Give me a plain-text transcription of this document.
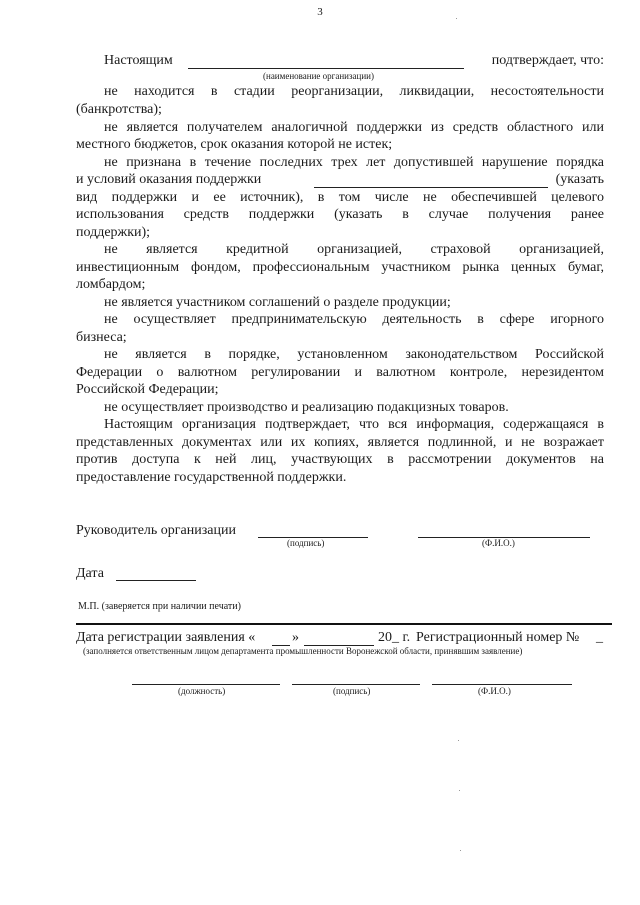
3
Настоящим	подтверждает, что:
(наименование организации)
не находится в стадии реорганизации, ликвидации, несостоятельности
(банкротства);
не является получателем аналогичной поддержки из средств областного или
местного бюджетов, срок оказания которой не истек;
не признана в течение последних трех лет допустившей нарушение порядка
и условий оказания поддержки	(указать
вид поддержки и ее источник), в том числе не обеспечившей целевого
использования средств поддержки (указать в случае получения ранее
поддержки);
не является кредитной организацией, страховой организацией,
инвестиционным фондом, профессиональным участником рынка ценных бумаг,
ломбардом;
не является участником соглашений о разделе продукции;
не осуществляет предпринимательскую деятельность в сфере игорного
бизнеса;
не является в порядке, установленном законодательством Российской
Федерации о валютном регулировании и валютном контроле, нерезидентом
Российской Федерации;
не осуществляет производство и реализацию подакцизных товаров.
Настоящим организация подтверждает, что вся информация, содержащаяся в
представленных документах или их копиях, является подлинной, и не возражает
против доступа к ней лиц, участвующих в рассмотрении документов на
предоставление государственной поддержки.
Руководитель организации
(подпись)	(Ф.И.О.)
Дата
М.П. (заверяется при наличии печати)
Дата регистрации заявления «	»	20_ г. Регистрационный номер № _
(заполняется ответственным лицом департамента промышленности Воронежской области, принявшим заявление)
(должность)	(подпись)	(Ф.И.О.)
